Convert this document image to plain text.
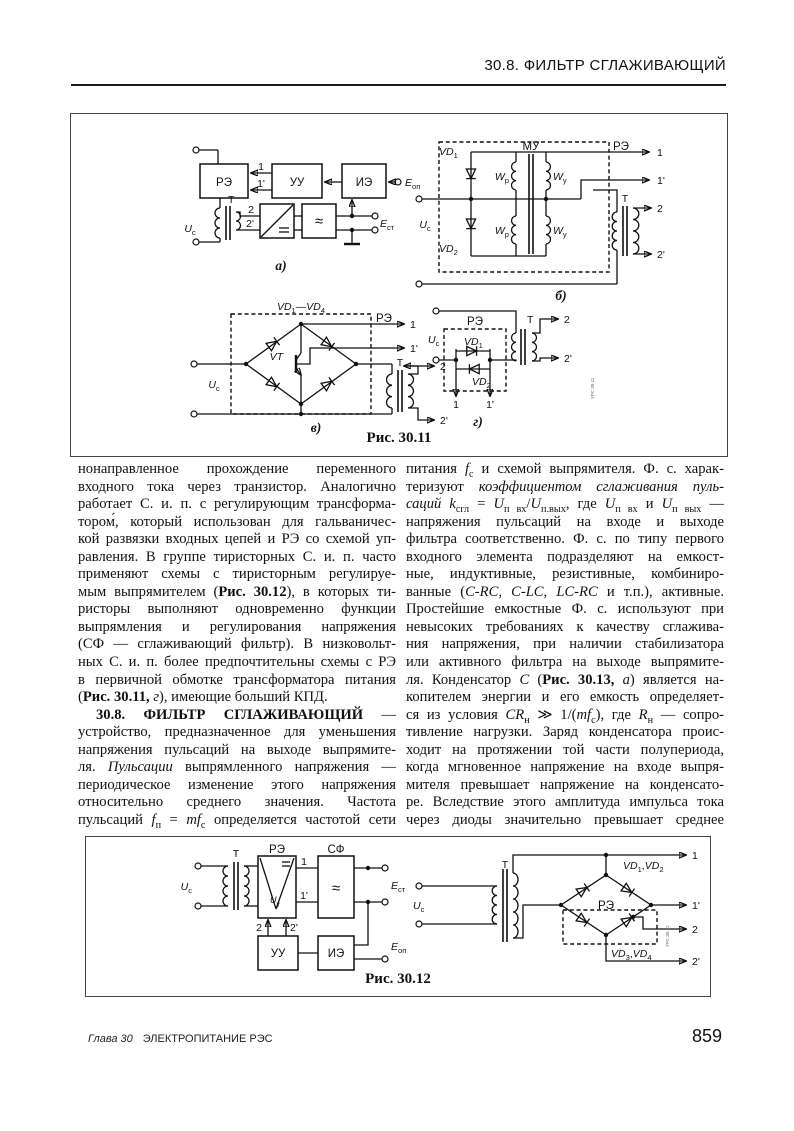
30.8. ФИЛЬТР СГЛАЖИВАЮЩИЙ
РЭ	УУ	ИЭ
1
1'	$E_{оп}$
Т
$U_с$
2
2'	≈	$E_{ст}$
а)
$VD_1$
МУ	РЭ
$W_р$	$W_у$
$W_р$	$W_у$
$U_с$
$VD_2$
Т
1
1'
2
2'
б)
$VD_1—VD_4$
РЭ
VT
$U_с$
Т
1
1'
2
2'
в)
Т
РЭ
$U_с$ $VD_1$
$VD_2$
1	1'
2
2'
г)
УРС 30.11
Рис. 30.11
нонаправленное прохождение переменного
входного тока через транзистор. Аналогично
работает С. и. п. с регулирующим трансформа-
тором́, который использован для гальваничес-
кой развязки входных цепей и РЭ со схемой уп-
равления. В группе тиристорных С. и. п. часто
применяют схемы с тиристорным регулируе-
мым выпрямителем (Рис. 30.12), в которых ти-
ристоры выполняют одновременно функции
выпрямления и регулирования напряжения
(СФ — сглаживающий фильтр). В низковольт-
ных С. и. п. более предпочтительны схемы с РЭ
в первичной обмотке трансформатора питания
(Рис. 30.11, г), имеющие больший КПД.
30.8. ФИЛЬТР СГЛАЖИВАЮЩИЙ —
устройство, предназначенное для уменьшения
напряжения пульсаций на выходе выпрямите-
ля. Пульсации выпрямленного напряжения —
периодическое изменение этого напряжения
относительно среднего значения. Частота
пульсаций $f_п = mf_с$ определяется частотой сети
питания $f_с$ и схемой выпрямителя. Ф. с. харак-
теризуют коэффициентом сглаживания пуль-
саций $k_{сгл} = U_{п вх}/U_{п.вых}$, где $U_{п вх}$ и $U_{п вых}$ —
напряжения пульсаций на входе и выходе
фильтра соответственно. Ф. с. по типу первого
входного элемента подразделяют на емкост-
ные, индуктивные, резистивные, комбиниро-
ванные (C-RC, C-LC, LC-RC и т.п.), активные.
Простейшие емкостные Ф. с. используют при
невысоких требованиях к качеству сглажива-
ния напряжения, при наличии стабилизатора
или активного фильтра на выходе выпрямите-
ля. Конденсатор С (Рис. 30.13, а) является на-
копителем энергии и его емкость определяет-
ся из условия $CR_н$ ≫ $1/(mf_с)$, где $R_н$ — сопро-
тивление нагрузки. Заряд конденсатора проис-
ходит на протяжении той части полупериода,
когда мгновенное напряжение на входе выпря-
мителя превышает напряжение на конденсато-
ре. Вследствие этого амплитуда импульса тока
через диоды значительно превышает среднее
РЭ	СФ
Т
$U_с$
$U_у$
1
1' ≈	$E_{ст}$
УУ	ИЭ
2	2'
$E_{оп}$
Т
$U_с$
$VD_1,VD_2$
РЭ
$VD_3,VD_4$
1
1'
2
2'
УРС 30.12
Рис. 30.12
Глава 30 ЭЛЕКТРОПИТАНИЕ РЭС	859
